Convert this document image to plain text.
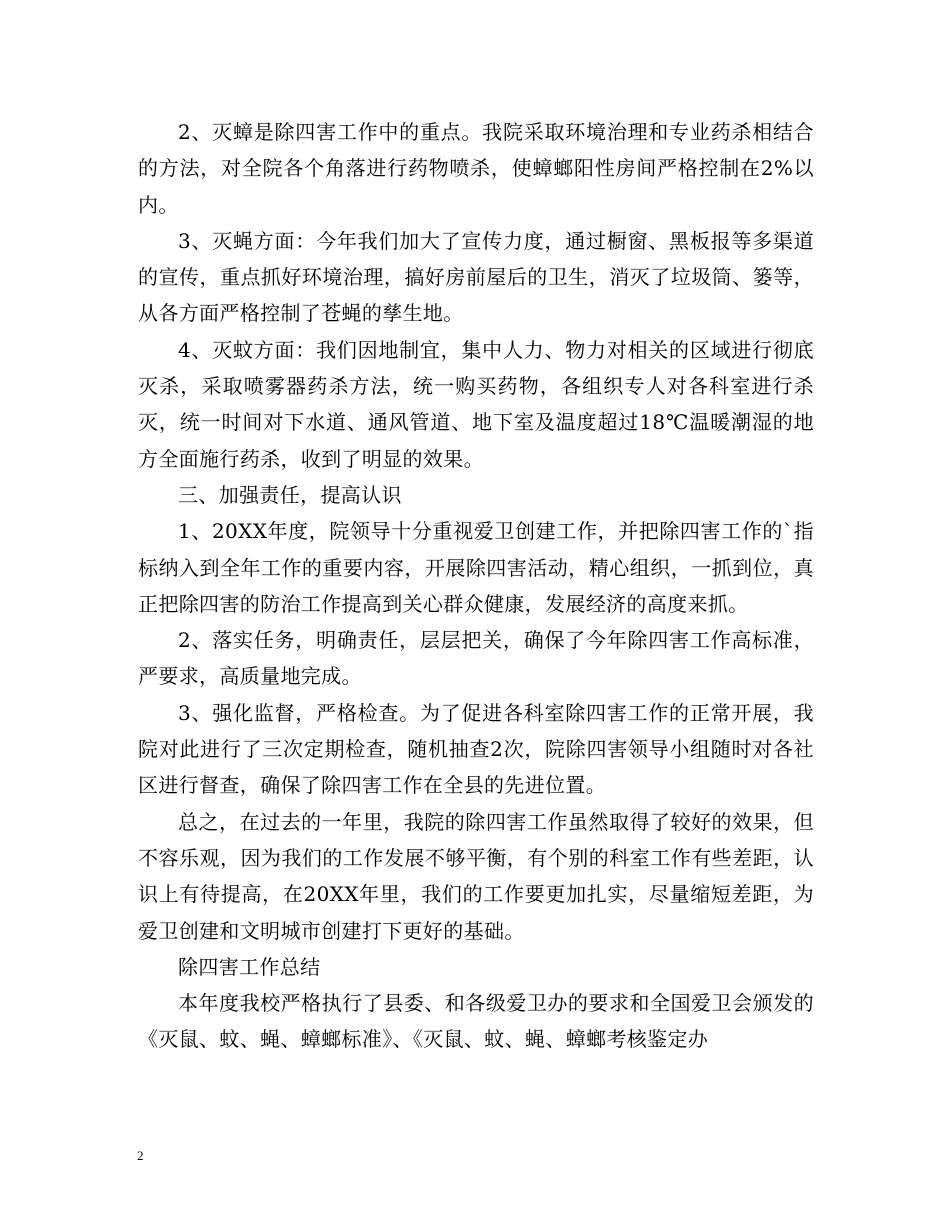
2、灭蟑是除四害工作中的重点。我院采取环境治理和专业药杀相结合的方法，对全院各个角落进行药物喷杀，使蟑螂阳性房间严格控制在2%以内。

3、灭蝇方面：今年我们加大了宣传力度，通过橱窗、黑板报等多渠道的宣传，重点抓好环境治理，搞好房前屋后的卫生，消灭了垃圾筒、篓等，从各方面严格控制了苍蝇的孳生地。

4、灭蚊方面：我们因地制宜，集中人力、物力对相关的区域进行彻底灭杀，采取喷雾器药杀方法，统一购买药物，各组织专人对各科室进行杀灭，统一时间对下水道、通风管道、地下室及温度超过18℃温暖潮湿的地方全面施行药杀，收到了明显的效果。

三、加强责任，提高认识

1、20XX年度，院领导十分重视爱卫创建工作，并把除四害工作的`指标纳入到全年工作的重要内容，开展除四害活动，精心组织，一抓到位，真正把除四害的防治工作提高到关心群众健康，发展经济的高度来抓。

2、落实任务，明确责任，层层把关，确保了今年除四害工作高标准，严要求，高质量地完成。

3、强化监督，严格检查。为了促进各科室除四害工作的正常开展，我院对此进行了三次定期检查，随机抽查2次，院除四害领导小组随时对各社区进行督查，确保了除四害工作在全县的先进位置。

总之，在过去的一年里，我院的除四害工作虽然取得了较好的效果，但不容乐观，因为我们的工作发展不够平衡，有个别的科室工作有些差距，认识上有待提高，在20XX年里，我们的工作要更加扎实，尽量缩短差距，为爱卫创建和文明城市创建打下更好的基础。

除四害工作总结

本年度我校严格执行了县委、和各级爱卫办的要求和全国爱卫会颁发的《灭鼠、蚊、蝇、蟑螂标准》、《灭鼠、蚊、蝇、蟑螂考核鉴定办

2
